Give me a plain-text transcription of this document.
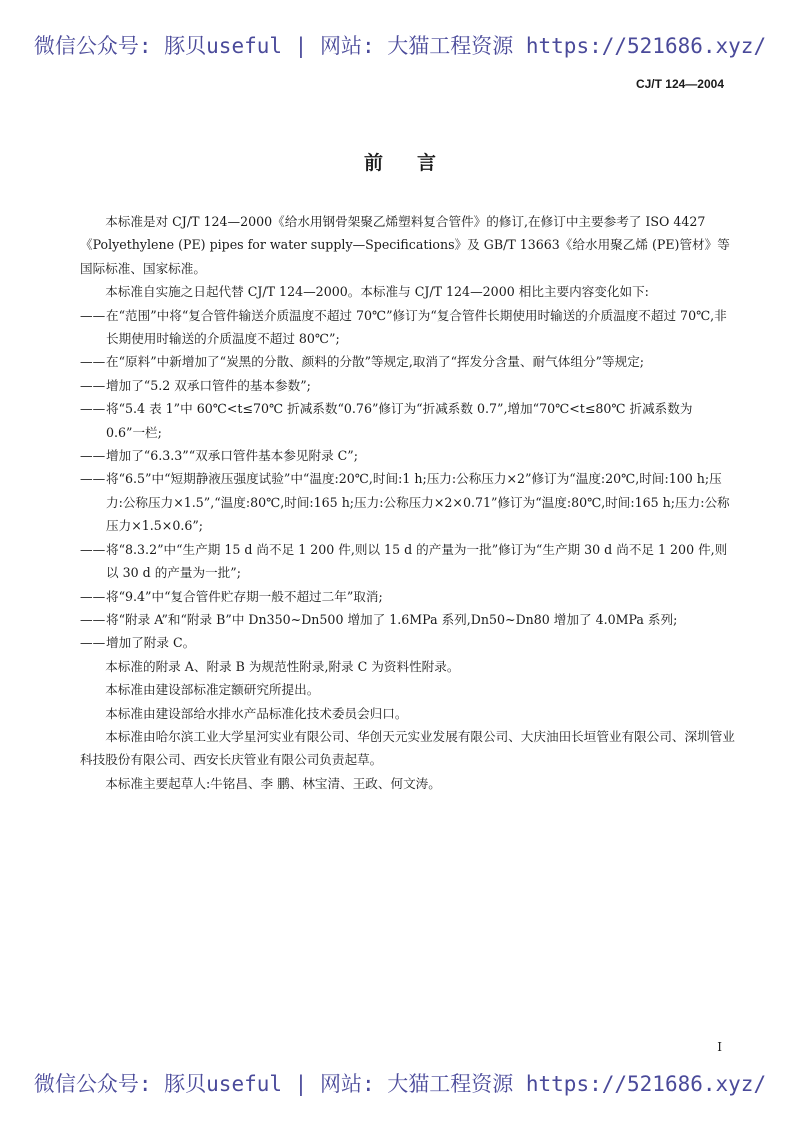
微信公众号: 豚贝useful | 网站: 大猫工程资源 https://521686.xyz/
CJ/T 124—2004
前言

本标准是对 CJ/T 124—2000《给水用钢骨架聚乙烯塑料复合管件》的修订,在修订中主要参考了 ISO 4427《Polyethylene (PE) pipes for water supply—Specifications》及 GB/T 13663《给水用聚乙烯 (PE)管材》等国际标准、国家标准。

本标准自实施之日起代替 CJ/T 124—2000。本标准与 CJ/T 124—2000 相比主要内容变化如下:

——在“范围”中将“复合管件输送介质温度不超过 70℃”修订为“复合管件长期使用时输送的介质温度不超过 70℃,非长期使用时输送的介质温度不超过 80℃”;

——在“原料”中新增加了“炭黑的分散、颜料的分散”等规定,取消了“挥发分含量、耐气体组分”等规定;

——增加了“5.2 双承口管件的基本参数”;

——将“5.4 表 1”中 60℃<t≤70℃ 折减系数“0.76”修订为“折减系数 0.7”,增加“70℃<t≤80℃ 折减系数为 0.6”一栏;

——增加了“6.3.3”“双承口管件基本参见附录 C”;

——将“6.5”中“短期静液压强度试验”中“温度:20℃,时间:1 h;压力:公称压力×2”修订为“温度:20℃,时间:100 h;压力:公称压力×1.5”,“温度:80℃,时间:165 h;压力:公称压力×2×0.71”修订为“温度:80℃,时间:165 h;压力:公称压力×1.5×0.6”;

——将“8.3.2”中“生产期 15 d 尚不足 1 200 件,则以 15 d 的产量为一批”修订为“生产期 30 d 尚不足 1 200 件,则以 30 d 的产量为一批”;

——将“9.4”中“复合管件贮存期一般不超过二年”取消;

——将“附录 A”和“附录 B”中 Dn350~Dn500 增加了 1.6MPa 系列,Dn50~Dn80 增加了 4.0MPa 系列;

——增加了附录 C。

本标准的附录 A、附录 B 为规范性附录,附录 C 为资料性附录。

本标准由建设部标准定额研究所提出。

本标准由建设部给水排水产品标准化技术委员会归口。

本标准由哈尔滨工业大学星河实业有限公司、华创天元实业发展有限公司、大庆油田长垣管业有限公司、深圳管业科技股份有限公司、西安长庆管业有限公司负责起草。

本标准主要起草人:牛铭昌、李 鹏、林宝清、王政、何文涛。

I
微信公众号: 豚贝useful | 网站: 大猫工程资源 https://521686.xyz/
